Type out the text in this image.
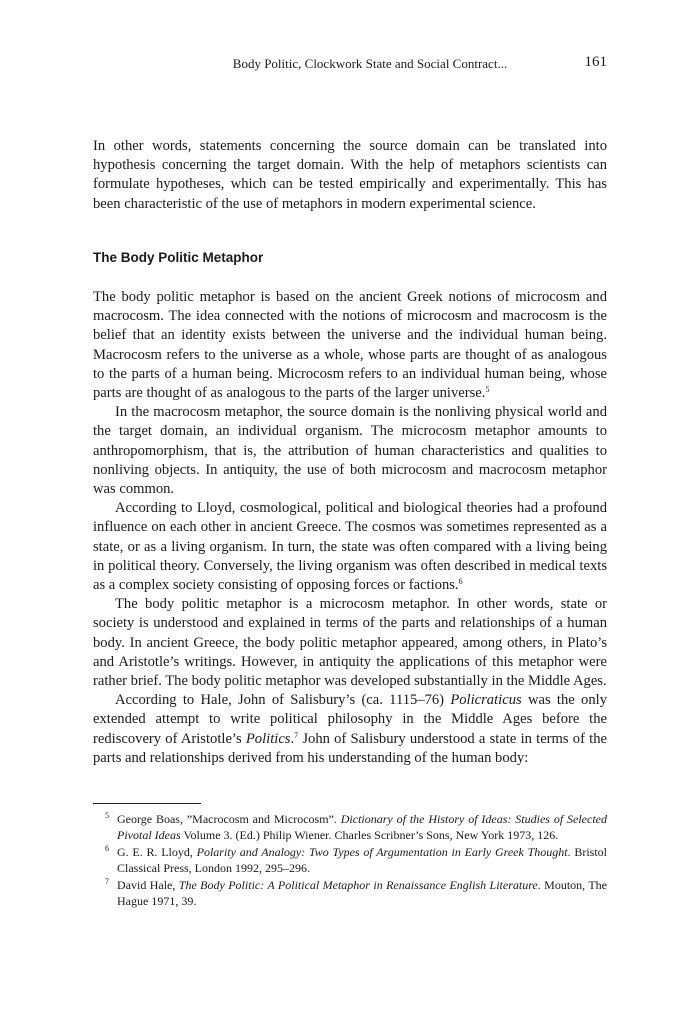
Body Politic, Clockwork State and Social Contract...	161

In other words, statements concerning the source domain can be translated into hypothesis concerning the target domain. With the help of metaphors scientists can formulate hypotheses, which can be tested empirically and experimentally. This has been characteristic of the use of metaphors in modern experimental science.

The Body Politic Metaphor

The body politic metaphor is based on the ancient Greek notions of microcosm and macrocosm. The idea connected with the notions of microcosm and macrocosm is the belief that an identity exists between the universe and the individual human being. Macrocosm refers to the universe as a whole, whose parts are thought of as analogous to the parts of a human being. Microcosm refers to an individual human being, whose parts are thought of as analogous to the parts of the larger universe.$^5$

In the macrocosm metaphor, the source domain is the nonliving physical world and the target domain, an individual organism. The microcosm metaphor amounts to anthropomorphism, that is, the attribution of human characteristics and qualities to nonliving objects. In antiquity, the use of both microcosm and macrocosm metaphor was common.

According to Lloyd, cosmological, political and biological theories had a profound influence on each other in ancient Greece. The cosmos was sometimes represented as a state, or as a living organism. In turn, the state was often compared with a living being in political theory. Conversely, the living organism was often described in medical texts as a complex society consisting of opposing forces or factions.$^6$

The body politic metaphor is a microcosm metaphor. In other words, state or society is understood and explained in terms of the parts and relationships of a human body. In ancient Greece, the body politic metaphor appeared, among others, in Plato’s and Aristotle’s writings. However, in antiquity the applications of this metaphor were rather brief. The body politic metaphor was developed substantially in the Middle Ages.

According to Hale, John of Salisbury’s (ca. 1115–76) Policraticus was the only extended attempt to write political philosophy in the Middle Ages before the rediscovery of Aristotle’s Politics.$^7$ John of Salisbury understood a state in terms of the parts and relationships derived from his understanding of the human body:

5 George Boas, ”Macrocosm and Microcosm”. Dictionary of the History of Ideas: Studies of Selected Pivotal Ideas Volume 3. (Ed.) Philip Wiener. Charles Scribner’s Sons, New York 1973, 126.
6 G. E. R. Lloyd, Polarity and Analogy: Two Types of Argumentation in Early Greek Thought. Bristol Classical Press, London 1992, 295–296.
7 David Hale, The Body Politic: A Political Metaphor in Renaissance English Literature. Mouton, The Hague 1971, 39.
